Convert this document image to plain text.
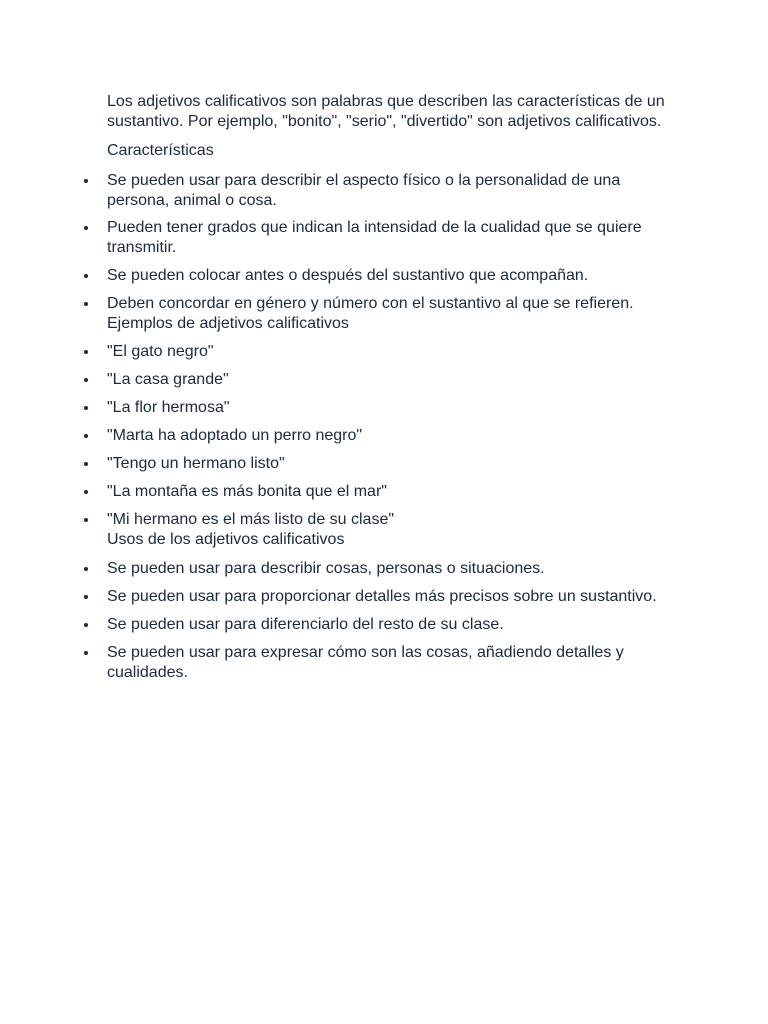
Los adjetivos calificativos son palabras que describen las características de un sustantivo. Por ejemplo, "bonito", "serio", "divertido" son adjetivos calificativos.

Características

Se pueden usar para describir el aspecto físico o la personalidad de una persona, animal o cosa.
Pueden tener grados que indican la intensidad de la cualidad que se quiere transmitir.
Se pueden colocar antes o después del sustantivo que acompañan.
Deben concordar en género y número con el sustantivo al que se refieren.
Ejemplos de adjetivos calificativos
"El gato negro"
"La casa grande"
"La flor hermosa"
"Marta ha adoptado un perro negro"
"Tengo un hermano listo"
"La montaña es más bonita que el mar"
"Mi hermano es el más listo de su clase"
Usos de los adjetivos calificativos
Se pueden usar para describir cosas, personas o situaciones.
Se pueden usar para proporcionar detalles más precisos sobre un sustantivo.
Se pueden usar para diferenciarlo del resto de su clase.
Se pueden usar para expresar cómo son las cosas, añadiendo detalles y cualidades.
